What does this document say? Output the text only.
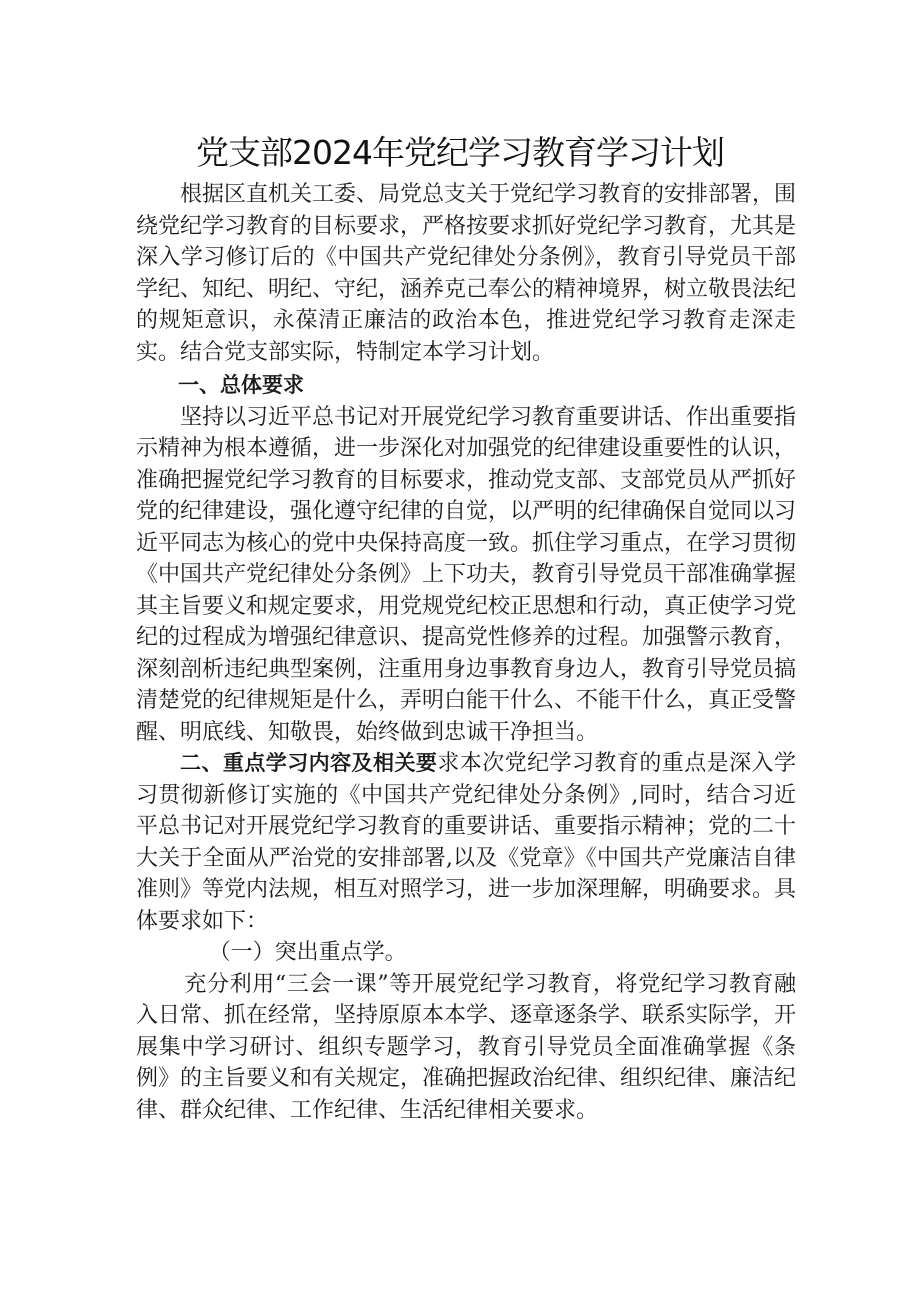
党支部2024年党纪学习教育学习计划

根据区直机关工委、局党总支关于党纪学习教育的安排部署，围绕党纪学习教育的目标要求，严格按要求抓好党纪学习教育，尤其是深入学习修订后的《中国共产党纪律处分条例》，教育引导党员干部学纪、知纪、明纪、守纪，涵养克己奉公的精神境界，树立敬畏法纪的规矩意识，永葆清正廉洁的政治本色，推进党纪学习教育走深走实。结合党支部实际，特制定本学习计划。

一、总体要求

坚持以习近平总书记对开展党纪学习教育重要讲话、作出重要指示精神为根本遵循，进一步深化对加强党的纪律建设重要性的认识，准确把握党纪学习教育的目标要求，推动党支部、支部党员从严抓好党的纪律建设，强化遵守纪律的自觉，以严明的纪律确保自觉同以习近平同志为核心的党中央保持高度一致。抓住学习重点，在学习贯彻《中国共产党纪律处分条例》上下功夫，教育引导党员干部准确掌握其主旨要义和规定要求，用党规党纪校正思想和行动，真正使学习党纪的过程成为增强纪律意识、提高党性修养的过程。加强警示教育，深刻剖析违纪典型案例，注重用身边事教育身边人，教育引导党员搞清楚党的纪律规矩是什么，弄明白能干什么、不能干什么，真正受警醒、明底线、知敬畏，始终做到忠诚干净担当。

二、重点学习内容及相关要求本次党纪学习教育的重点是深入学习贯彻新修订实施的《中国共产党纪律处分条例》,同时，结合习近平总书记对开展党纪学习教育的重要讲话、重要指示精神；党的二十大关于全面从严治党的安排部署,以及《党章》《中国共产党廉洁自律准则》等党内法规，相互对照学习，进一步加深理解，明确要求。具体要求如下：

（一）突出重点学。

充分利用“三会一课”等开展党纪学习教育，将党纪学习教育融入日常、抓在经常，坚持原原本本学、逐章逐条学、联系实际学，开展集中学习研讨、组织专题学习，教育引导党员全面准确掌握《条例》的主旨要义和有关规定，准确把握政治纪律、组织纪律、廉洁纪律、群众纪律、工作纪律、生活纪律相关要求。
